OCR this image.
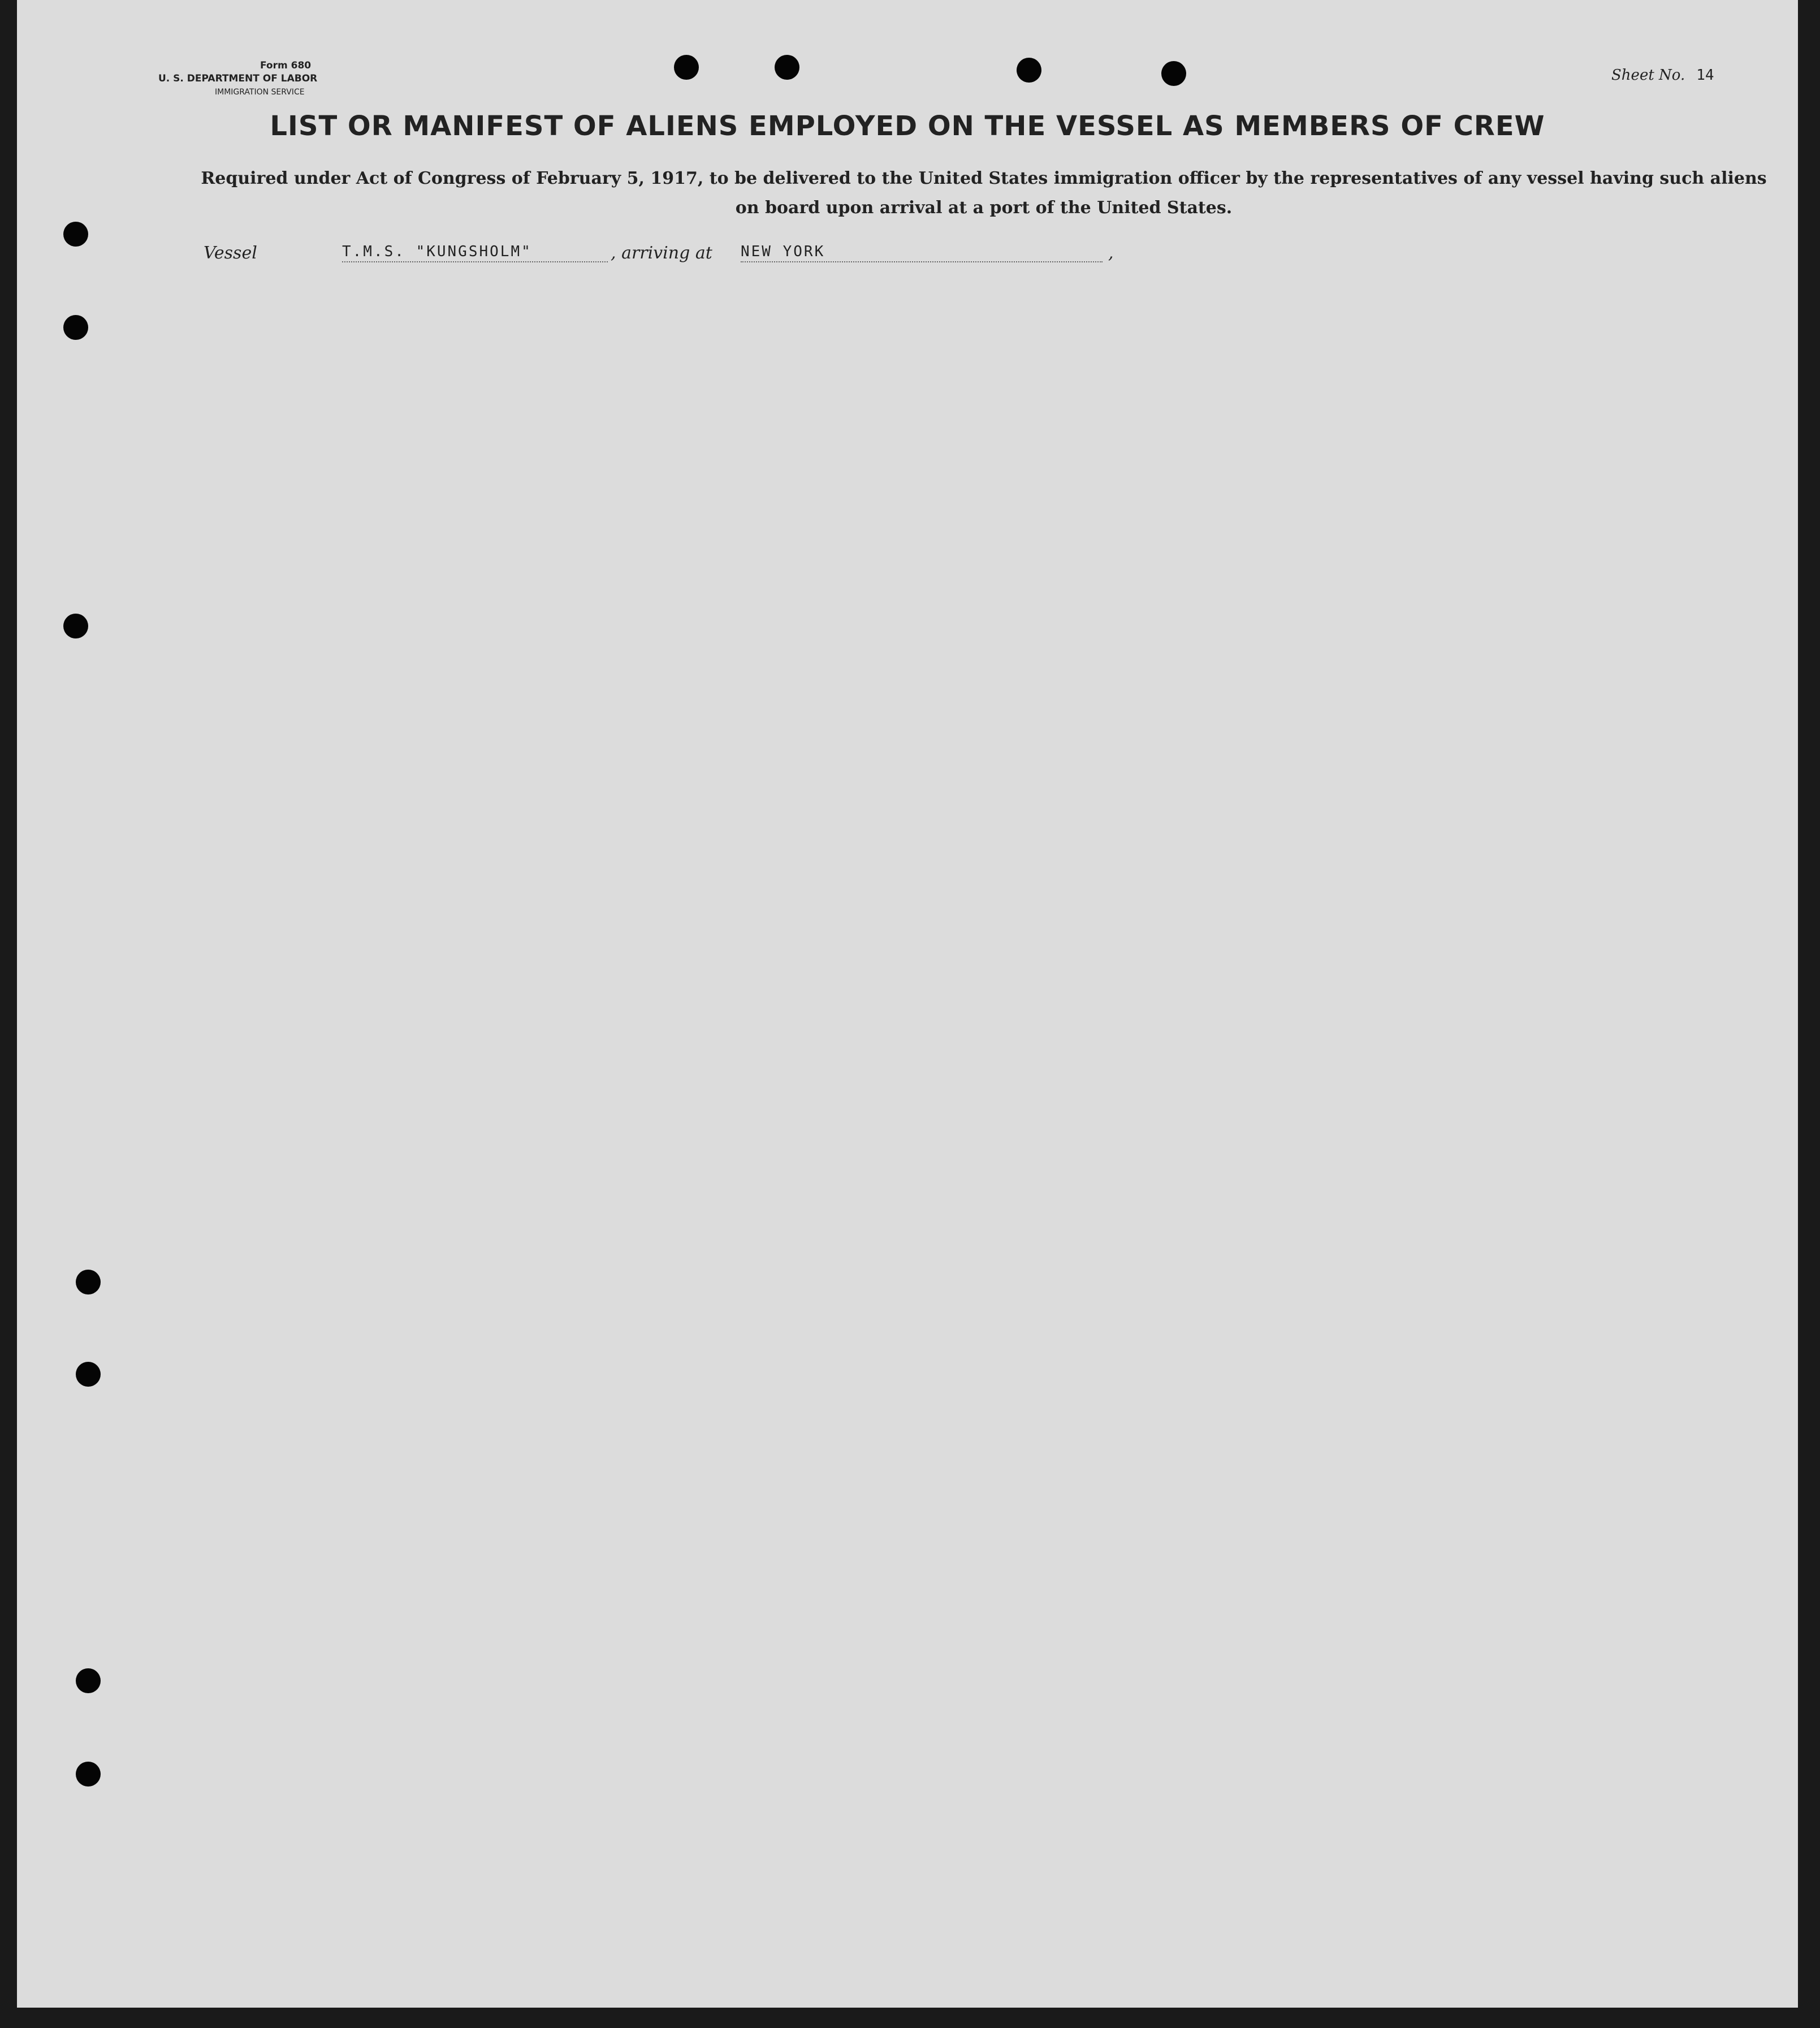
Form 680
U. S. DEPARTMENT OF LABOR
IMMIGRATION SERVICE
Sheet No. 14
LIST OR MANIFEST OF ALIENS EMPLOYED ON THE VESSEL AS MEMBERS OF CREW
Required under Act of Congress of February 5, 1917, to be delivered to the United States immigration officer by the representatives of any vessel having such aliens
on board upon arrival at a port of the United States.
Vessel	T.M.S. "KUNGSHOLM"	, arriving at NEW YORK	,
